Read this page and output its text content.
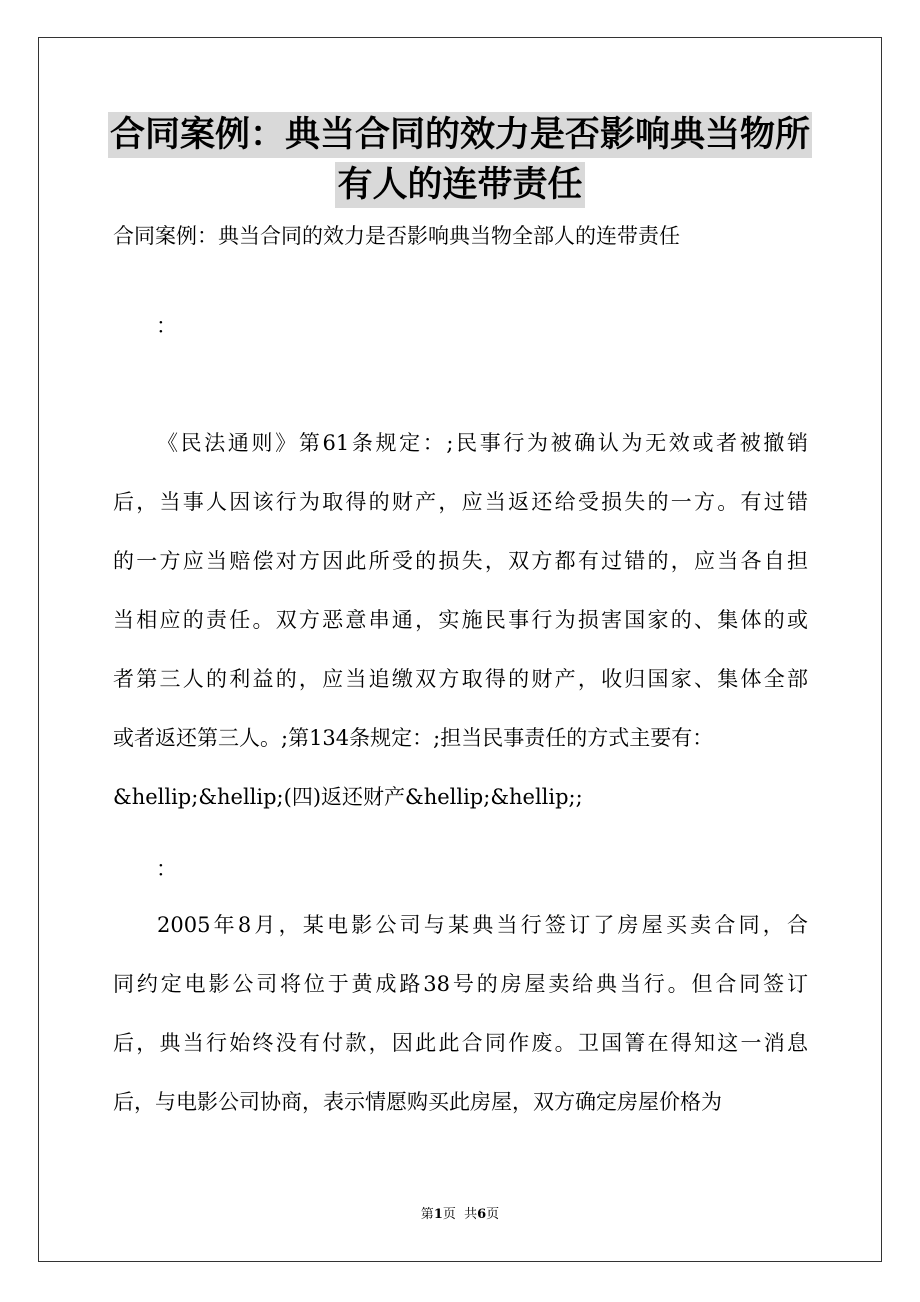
合同案例：典当合同的效力是否影响典当物所
有人的连带责任
合同案例：典当合同的效力是否影响典当物全部人的连带责任
：
《民法通则》第61条规定：;民事行为被确认为无效或者被撤销
后，当事人因该行为取得的财产，应当返还给受损失的一方。有过错
的一方应当赔偿对方因此所受的损失，双方都有过错的，应当各自担
当相应的责任。双方恶意串通，实施民事行为损害国家的、集体的或
者第三人的利益的，应当追缴双方取得的财产，收归国家、集体全部
或者返还第三人。;第134条规定：;担当民事责任的方式主要有：
&hellip;&hellip;(四)返还财产&hellip;&hellip;;
：
2005年8月，某电影公司与某典当行签订了房屋买卖合同，合
同约定电影公司将位于黄成路38号的房屋卖给典当行。但合同签订
后，典当行始终没有付款，因此此合同作废。卫国箐在得知这一消息
后，与电影公司协商，表示情愿购买此房屋，双方确定房屋价格为
第1页  共6页
